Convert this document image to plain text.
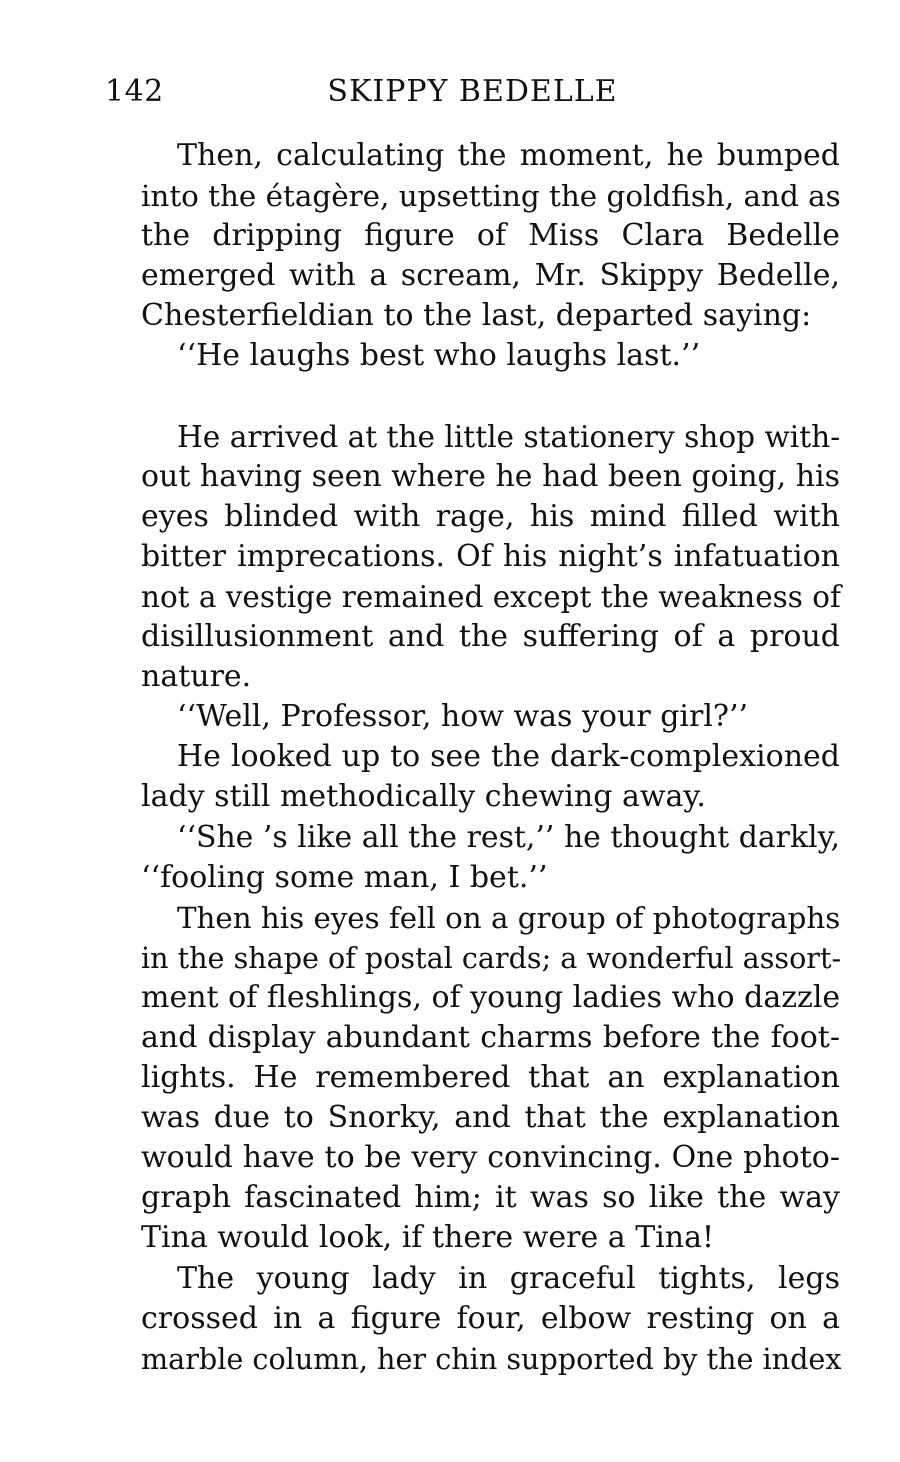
142	SKIPPY BEDELLE

Then, calculating the moment, he bumped
into the étagère, upsetting the goldfish, and as
the dripping figure of Miss Clara Bedelle
emerged with a scream, Mr. Skippy Bedelle,
Chesterfieldian to the last, departed saying:

‘‘He laughs best who laughs last.’’

He arrived at the little stationery shop with-
out having seen where he had been going, his
eyes blinded with rage, his mind filled with
bitter imprecations. Of his night’s infatuation
not a vestige remained except the weakness of
disillusionment and the suffering of a proud
nature.

‘‘Well, Professor, how was your girl?’’

He looked up to see the dark-complexioned
lady still methodically chewing away.

‘‘She ’s like all the rest,’’ he thought darkly,
‘‘fooling some man, I bet.’’

Then his eyes fell on a group of photographs
in the shape of postal cards; a wonderful assort-
ment of fleshlings, of young ladies who dazzle
and display abundant charms before the foot-
lights. He remembered that an explanation
was due to Snorky, and that the explanation
would have to be very convincing. One photo-
graph fascinated him; it was so like the way
Tina would look, if there were a Tina!

The young lady in graceful tights, legs
crossed in a figure four, elbow resting on a
marble column, her chin supported by the index
